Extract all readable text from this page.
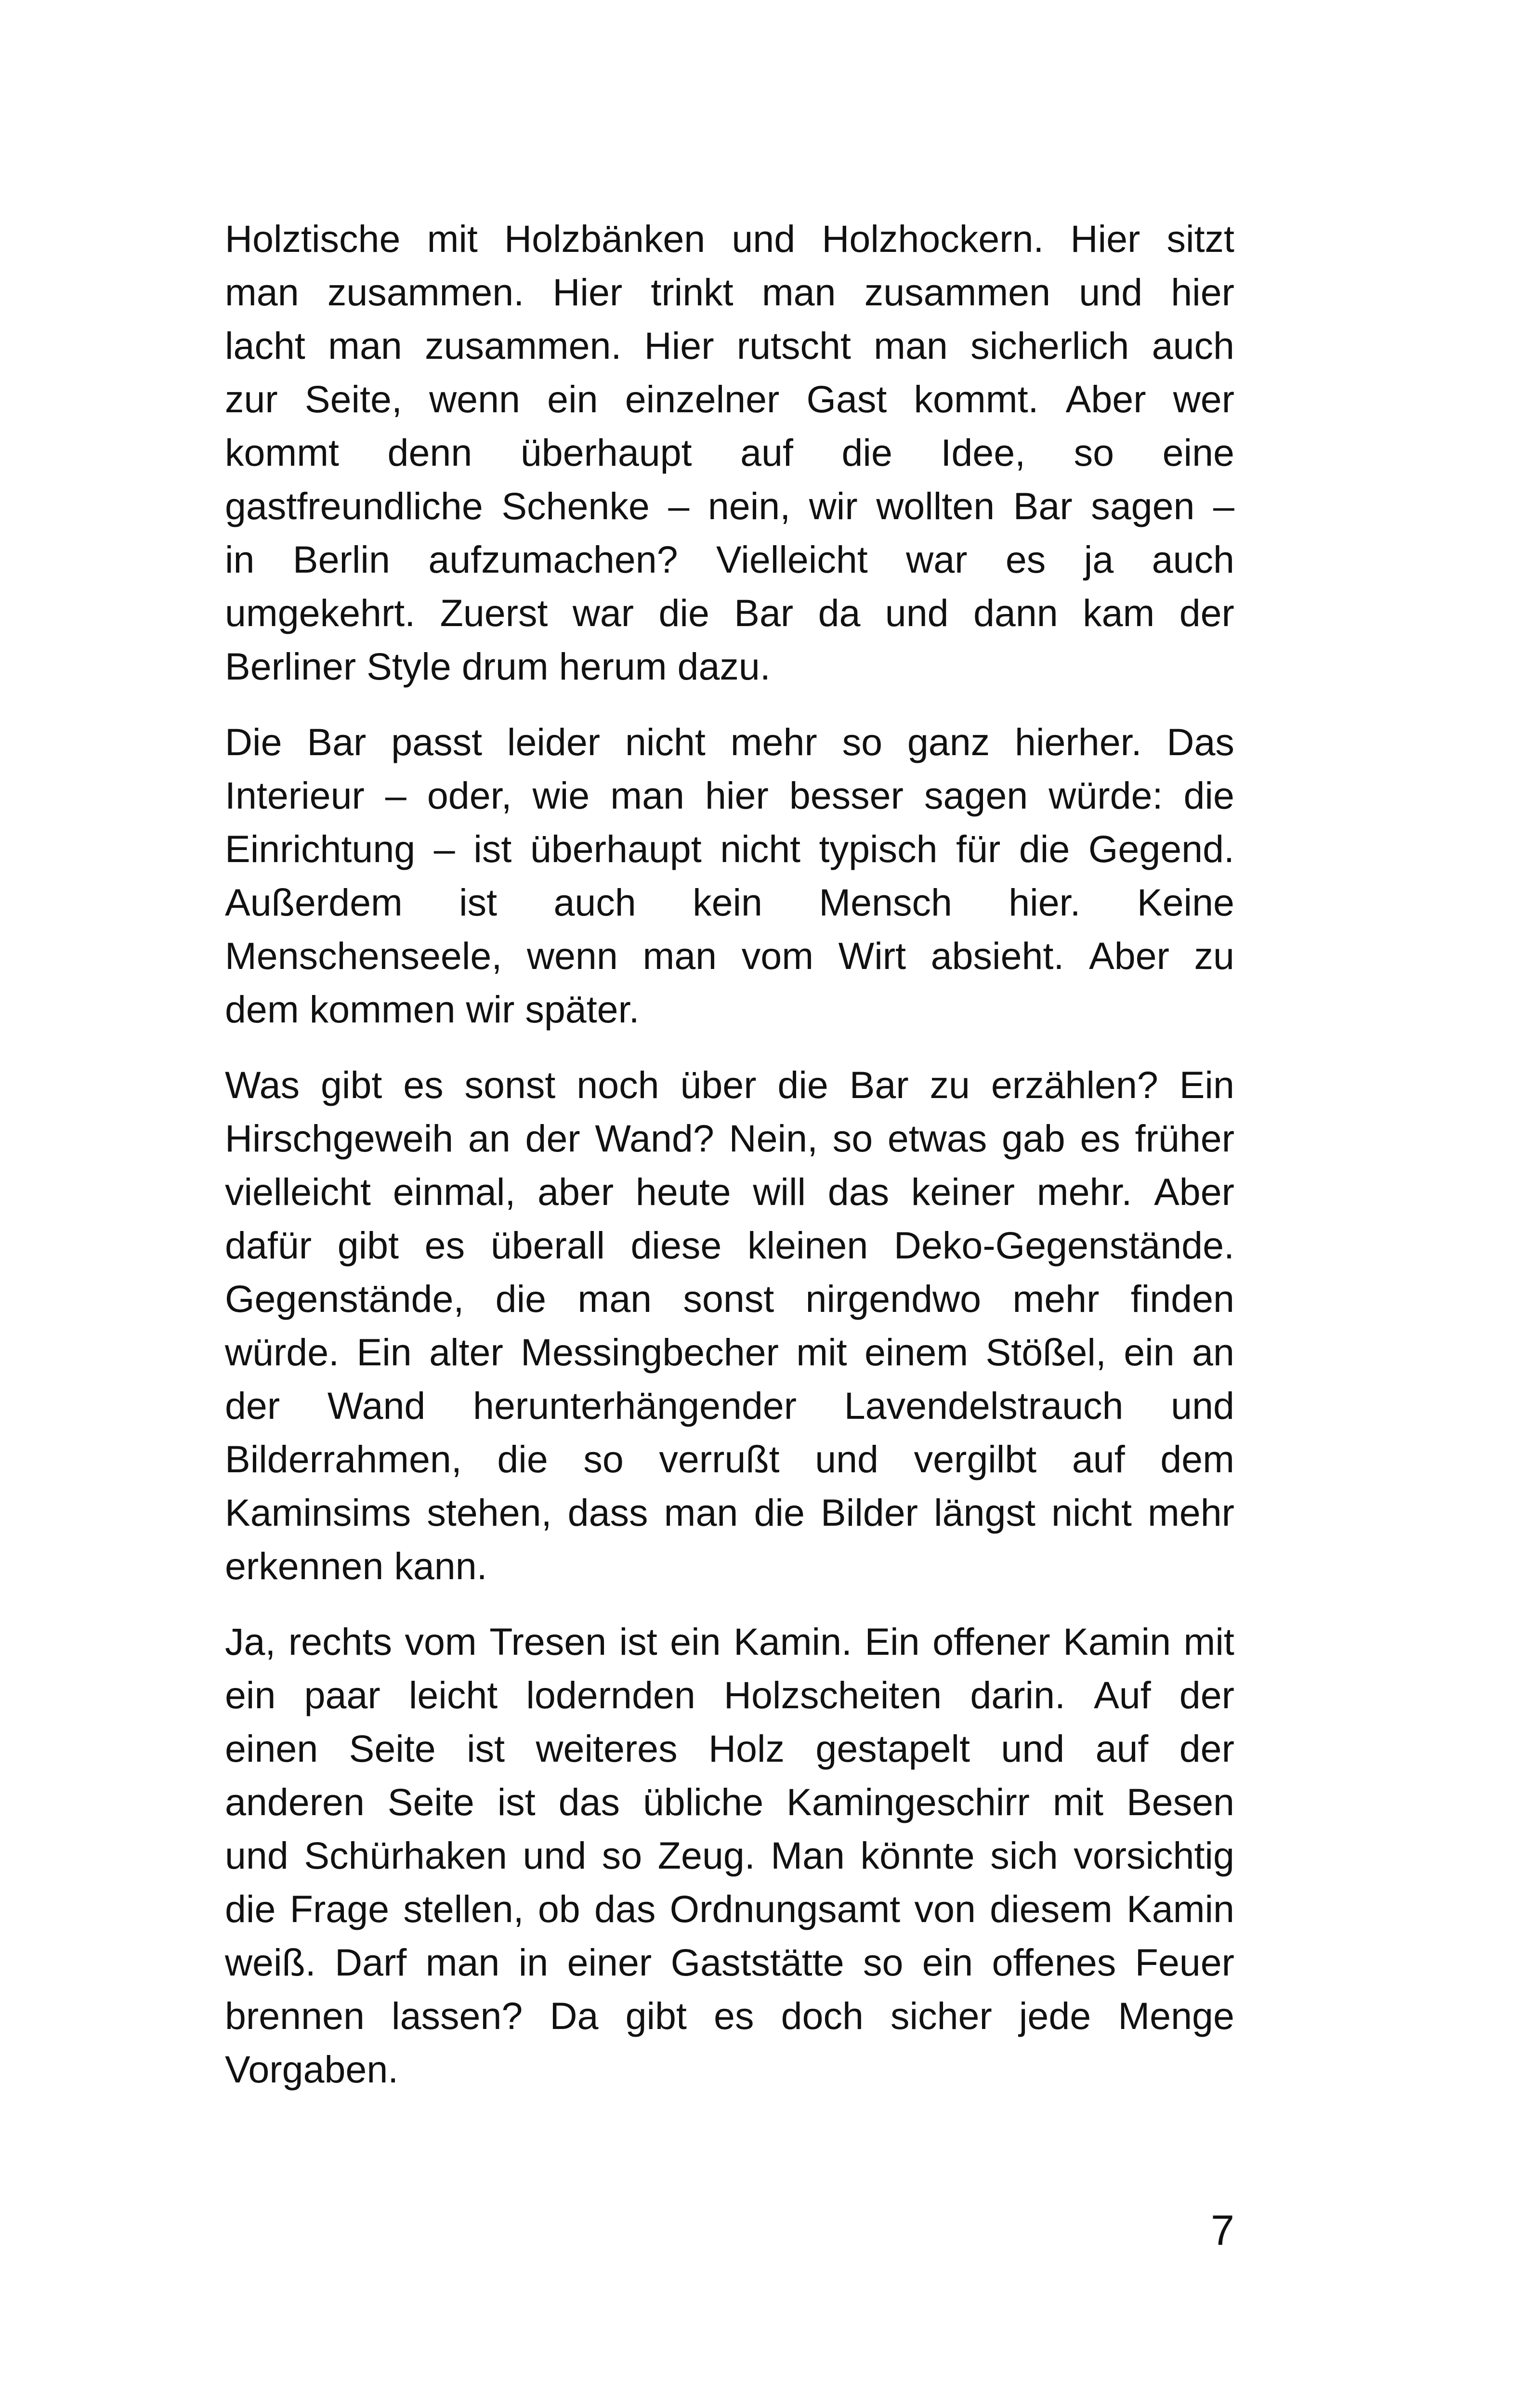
Holztische mit Holzbänken und Holzhockern. Hier sitzt
man zusammen. Hier trinkt man zusammen und hier
lacht man zusammen. Hier rutscht man sicherlich auch
zur Seite, wenn ein einzelner Gast kommt. Aber wer
kommt denn überhaupt auf die Idee, so eine
gastfreundliche Schenke – nein, wir wollten Bar sagen –
in Berlin aufzumachen? Vielleicht war es ja auch
umgekehrt. Zuerst war die Bar da und dann kam der
Berliner Style drum herum dazu.

Die Bar passt leider nicht mehr so ganz hierher. Das
Interieur – oder, wie man hier besser sagen würde: die
Einrichtung – ist überhaupt nicht typisch für die Gegend.
Außerdem ist auch kein Mensch hier. Keine
Menschenseele, wenn man vom Wirt absieht. Aber zu
dem kommen wir später.

Was gibt es sonst noch über die Bar zu erzählen? Ein
Hirschgeweih an der Wand? Nein, so etwas gab es früher
vielleicht einmal, aber heute will das keiner mehr. Aber
dafür gibt es überall diese kleinen Deko-Gegenstände.
Gegenstände, die man sonst nirgendwo mehr finden
würde. Ein alter Messingbecher mit einem Stößel, ein an
der Wand herunterhängender Lavendelstrauch und
Bilderrahmen, die so verrußt und vergilbt auf dem
Kaminsims stehen, dass man die Bilder längst nicht mehr
erkennen kann.

Ja, rechts vom Tresen ist ein Kamin. Ein offener Kamin mit
ein paar leicht lodernden Holzscheiten darin. Auf der
einen Seite ist weiteres Holz gestapelt und auf der
anderen Seite ist das übliche Kamingeschirr mit Besen
und Schürhaken und so Zeug. Man könnte sich vorsichtig
die Frage stellen, ob das Ordnungsamt von diesem Kamin
weiß. Darf man in einer Gaststätte so ein offenes Feuer
brennen lassen? Da gibt es doch sicher jede Menge
Vorgaben.

7
